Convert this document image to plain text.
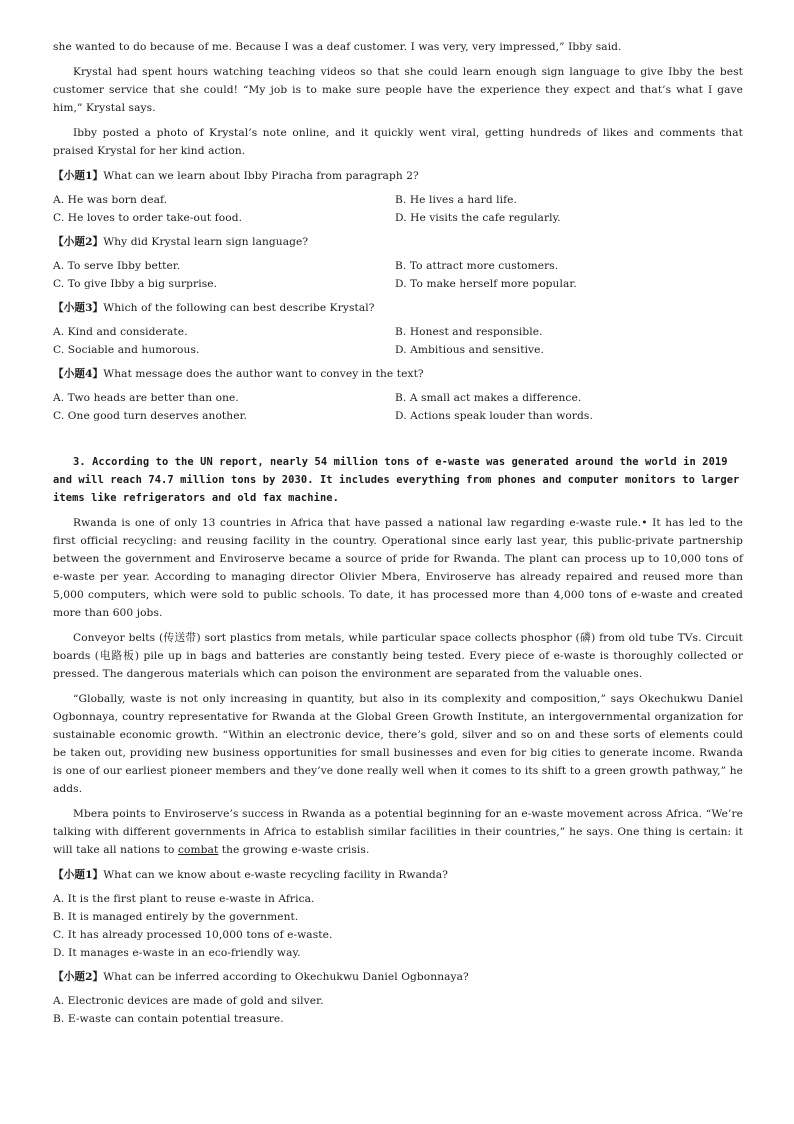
she wanted to do because of me. Because I was a deaf customer. I was very, very impressed,” Ibby said.

Krystal had spent hours watching teaching videos so that she could learn enough sign language to give Ibby the best customer service that she could! “My job is to make sure people have the experience they expect and that’s what I gave him,” Krystal says.

Ibby posted a photo of Krystal’s note online, and it quickly went viral, getting hundreds of likes and comments that praised Krystal for her kind action.

【小题1】What can we learn about Ibby Piracha from paragraph 2?
A. He was born deaf.	B. He lives a hard life.
C. He loves to order take-out food.	D. He visits the cafe regularly.
【小题2】Why did Krystal learn sign language?
A. To serve Ibby better.	B. To attract more customers.
C. To give Ibby a big surprise.	D. To make herself more popular.
【小题3】Which of the following can best describe Krystal?
A. Kind and considerate.	B. Honest and responsible.
C. Sociable and humorous.	D. Ambitious and sensitive.
【小题4】What message does the author want to convey in the text?
A. Two heads are better than one.	B. A small act makes a difference.
C. One good turn deserves another.	D. Actions speak louder than words.
3. According to the UN report, nearly 54 million tons of e-waste was generated around the world in 2019 and will reach 74.7 million tons by 2030. It includes everything from phones and computer monitors to larger items like refrigerators and old fax machine.

Rwanda is one of only 13 countries in Africa that have passed a national law regarding e-waste rule.• It has led to the first official recycling: and reusing facility in the country. Operational since early last year, this public-private partnership between the government and Enviroserve became a source of pride for Rwanda. The plant can process up to 10,000 tons of e-waste per year. According to managing director Olivier Mbera, Enviroserve has already repaired and reused more than 5,000 computers, which were sold to public schools. To date, it has processed more than 4,000 tons of e-waste and created more than 600 jobs.

Conveyor belts (传送带) sort plastics from metals, while particular space collects phosphor (磷) from old tube TVs. Circuit boards (电路板) pile up in bags and batteries are constantly being tested. Every piece of e-waste is thoroughly collected or pressed. The dangerous materials which can poison the environment are separated from the valuable ones.

“Globally, waste is not only increasing in quantity, but also in its complexity and composition,” says Okechukwu Daniel Ogbonnaya, country representative for Rwanda at the Global Green Growth Institute, an intergovernmental organization for sustainable economic growth. “Within an electronic device, there’s gold, silver and so on and these sorts of elements could be taken out, providing new business opportunities for small businesses and even for big cities to generate income. Rwanda is one of our earliest pioneer members and they’ve done really well when it comes to its shift to a green growth pathway,” he adds.

Mbera points to Enviroserve’s success in Rwanda as a potential beginning for an e-waste movement across Africa. “We’re talking with different governments in Africa to establish similar facilities in their countries,” he says. One thing is certain: it will take all nations to combat the growing e-waste crisis.

【小题1】What can we know about e-waste recycling facility in Rwanda?
A. It is the first plant to reuse e-waste in Africa.
B. It is managed entirely by the government.
C. It has already processed 10,000 tons of e-waste.
D. It manages e-waste in an eco-friendly way.
【小题2】What can be inferred according to Okechukwu Daniel Ogbonnaya?
A. Electronic devices are made of gold and silver.
B. E-waste can contain potential treasure.
